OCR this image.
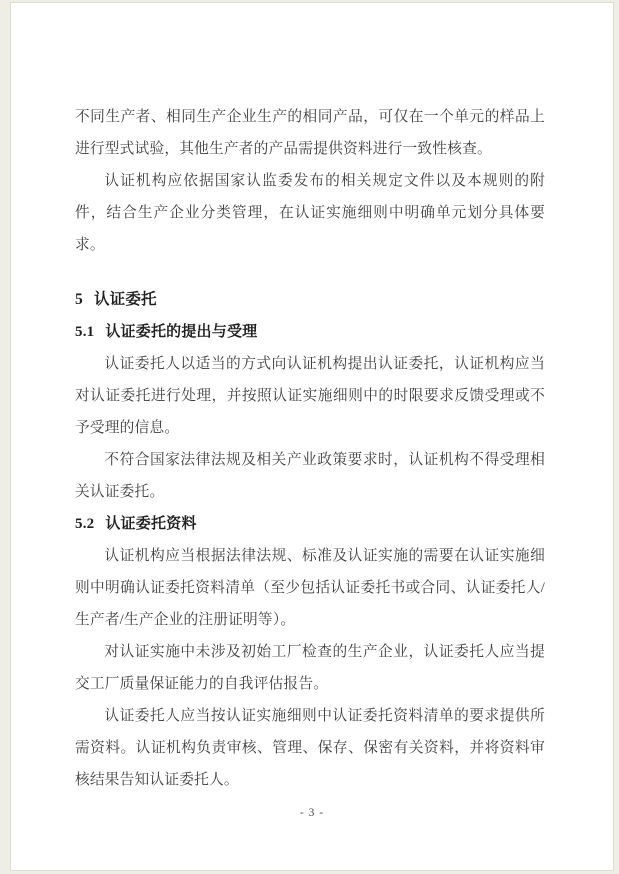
不同生产者、相同生产企业生产的相同产品，可仅在一个单元的样品上进行型式试验，其他生产者的产品需提供资料进行一致性核查。

认证机构应依据国家认监委发布的相关规定文件以及本规则的附件，结合生产企业分类管理，在认证实施细则中明确单元划分具体要求。

5 认证委托
5.1 认证委托的提出与受理

认证委托人以适当的方式向认证机构提出认证委托，认证机构应当对认证委托进行处理，并按照认证实施细则中的时限要求反馈受理或不予受理的信息。

不符合国家法律法规及相关产业政策要求时，认证机构不得受理相关认证委托。

5.2 认证委托资料

认证机构应当根据法律法规、标准及认证实施的需要在认证实施细则中明确认证委托资料清单（至少包括认证委托书或合同、认证委托人/生产者/生产企业的注册证明等）。

对认证实施中未涉及初始工厂检查的生产企业，认证委托人应当提交工厂质量保证能力的自我评估报告。

认证委托人应当按认证实施细则中认证委托资料清单的要求提供所需资料。认证机构负责审核、管理、保存、保密有关资料，并将资料审核结果告知认证委托人。

- 3 -
